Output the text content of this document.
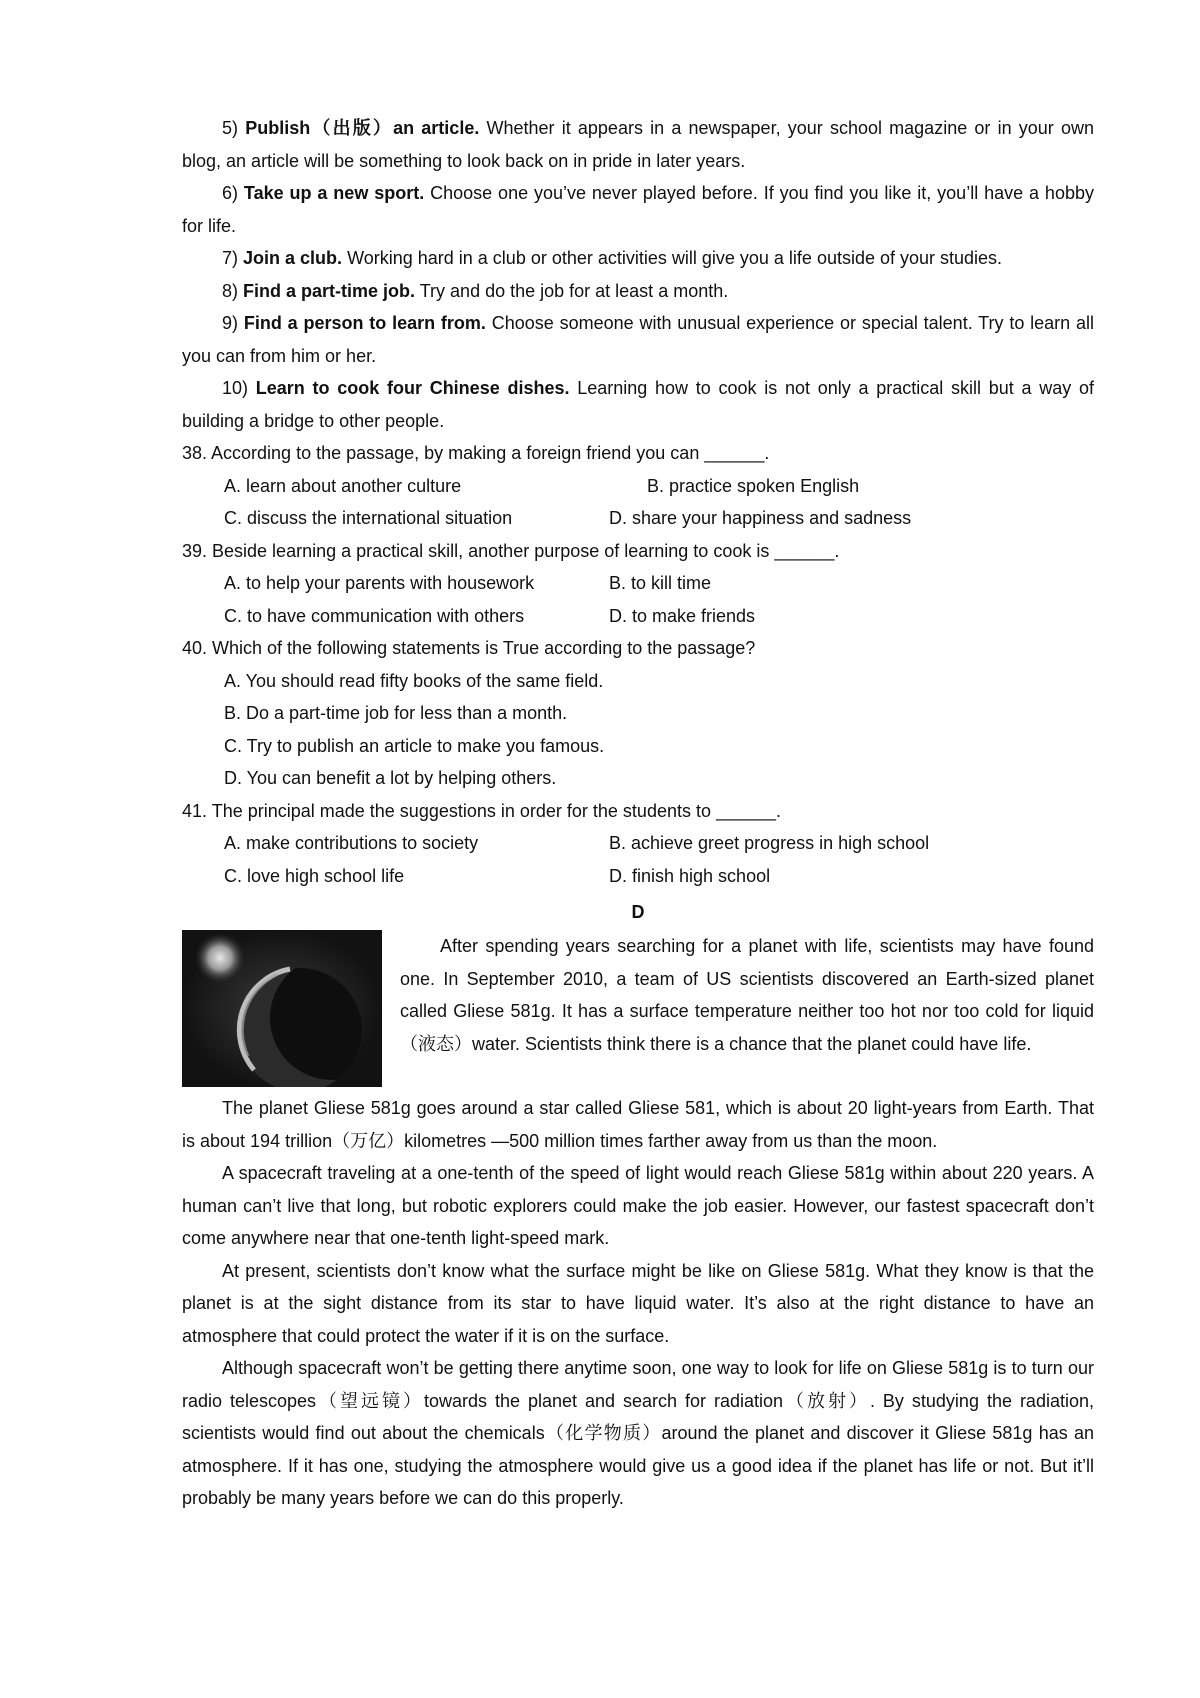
5) Publish（出版）an article. Whether it appears in a newspaper, your school magazine or in your own blog, an article will be something to look back on in pride in later years.

6) Take up a new sport. Choose one you’ve never played before. If you find you like it, you’ll have a hobby for life.

7) Join a club. Working hard in a club or other activities will give you a life outside of your studies.

8) Find a part-time job. Try and do the job for at least a month.

9) Find a person to learn from. Choose someone with unusual experience or special talent. Try to learn all you can from him or her.

10) Learn to cook four Chinese dishes. Learning how to cook is not only a practical skill but a way of building a bridge to other people.

38. According to the passage, by making a foreign friend you can ______.

A. learn about another culture	B. practice spoken English
C. discuss the international situation	D. share your happiness and sadness

39. Beside learning a practical skill, another purpose of learning to cook is ______.

A. to help your parents with housework	B. to kill time
C. to have communication with others	D. to make friends

40. Which of the following statements is True according to the passage?

A. You should read fifty books of the same field.

B. Do a part-time job for less than a month.

C. Try to publish an article to make you famous.

D. You can benefit a lot by helping others.

41. The principal made the suggestions in order for the students to ______.

A. make contributions to society	B. achieve greet progress in high school
C. love high school life	D. finish high school

D

After spending years searching for a planet with life, scientists may have found one. In September 2010, a team of US scientists discovered an Earth-sized planet called Gliese 581g. It has a surface temperature neither too hot nor too cold for liquid（液态）water. Scientists think there is a chance that the planet could have life.

The planet Gliese 581g goes around a star called Gliese 581, which is about 20 light-years from Earth. That is about 194 trillion（万亿）kilometres —500 million times farther away from us than the moon.

A spacecraft traveling at a one-tenth of the speed of light would reach Gliese 581g within about 220 years. A human can’t live that long, but robotic explorers could make the job easier. However, our fastest spacecraft don’t come anywhere near that one-tenth light-speed mark.

At present, scientists don’t know what the surface might be like on Gliese 581g. What they know is that the planet is at the sight distance from its star to have liquid water. It’s also at the right distance to have an atmosphere that could protect the water if it is on the surface.

Although spacecraft won’t be getting there anytime soon, one way to look for life on Gliese 581g is to turn our radio telescopes（望远镜）towards the planet and search for radiation（放射）. By studying the radiation, scientists would find out about the chemicals（化学物质）around the planet and discover it Gliese 581g has an atmosphere. If it has one, studying the atmosphere would give us a good idea if the planet has life or not. But it’ll probably be many years before we can do this properly.
